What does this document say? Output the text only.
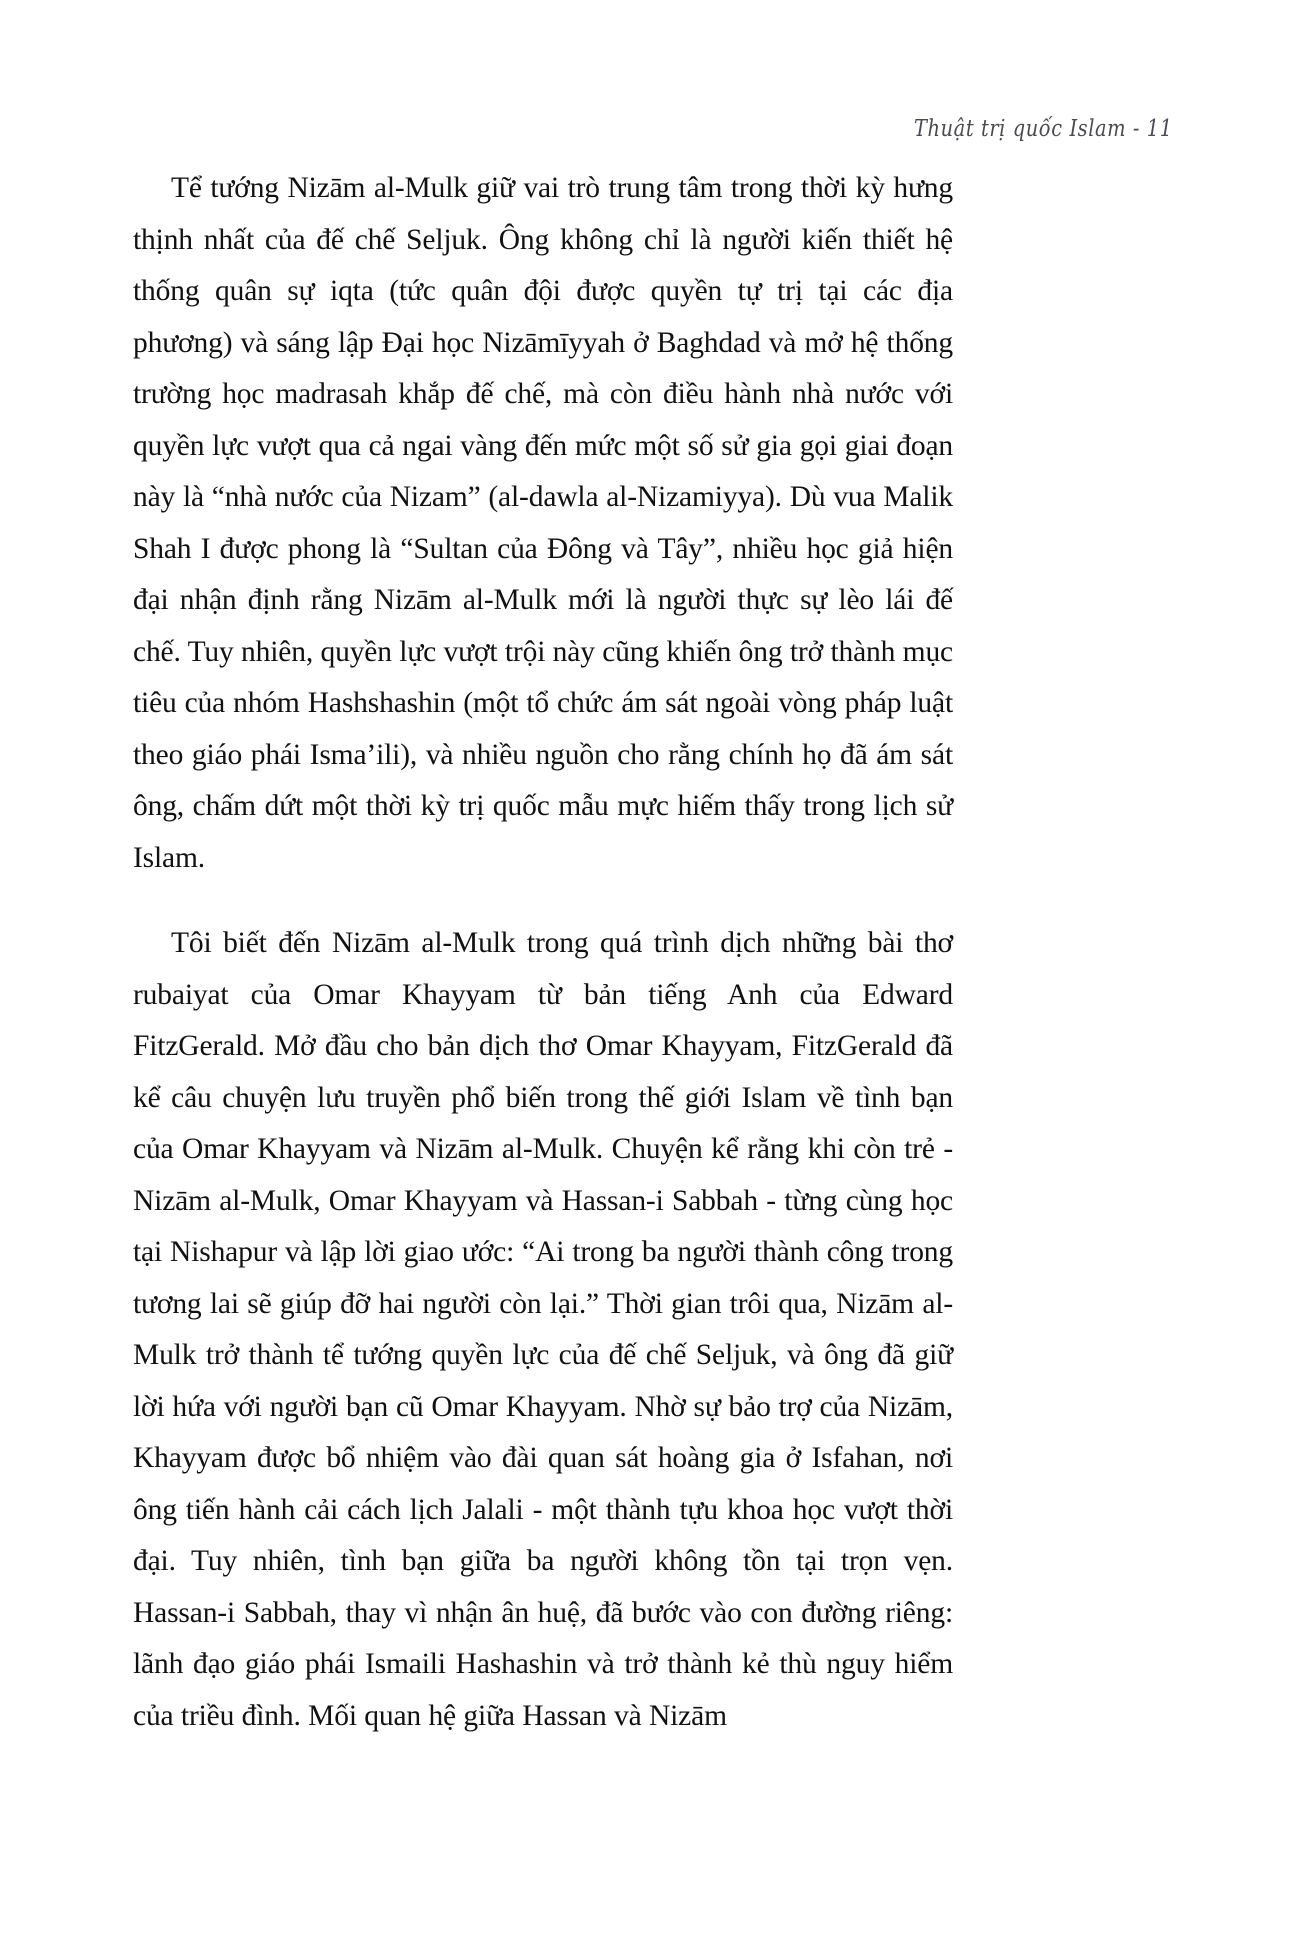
Thuật trị quốc Islam - 11

Tể tướng Nizām al-Mulk giữ vai trò trung tâm trong thời kỳ hưng thịnh nhất của đế chế Seljuk. Ông không chỉ là người kiến thiết hệ thống quân sự iqta (tức quân đội được quyền tự trị tại các địa phương) và sáng lập Đại học Nizāmīyyah ở Baghdad và mở hệ thống trường học madrasah khắp đế chế, mà còn điều hành nhà nước với quyền lực vượt qua cả ngai vàng đến mức một số sử gia gọi giai đoạn này là “nhà nước của Nizam” (al-dawla al-Nizamiyya). Dù vua Malik Shah I được phong là “Sultan của Đông và Tây”, nhiều học giả hiện đại nhận định rằng Nizām al-Mulk mới là người thực sự lèo lái đế chế. Tuy nhiên, quyền lực vượt trội này cũng khiến ông trở thành mục tiêu của nhóm Hashshashin (một tổ chức ám sát ngoài vòng pháp luật theo giáo phái Isma’ili), và nhiều nguồn cho rằng chính họ đã ám sát ông, chấm dứt một thời kỳ trị quốc mẫu mực hiếm thấy trong lịch sử Islam.

Tôi biết đến Nizām al-Mulk trong quá trình dịch những bài thơ rubaiyat của Omar Khayyam từ bản tiếng Anh của Edward FitzGerald. Mở đầu cho bản dịch thơ Omar Khayyam, FitzGerald đã kể câu chuyện lưu truyền phổ biến trong thế giới Islam về tình bạn của Omar Khayyam và Nizām al-Mulk. Chuyện kể rằng khi còn trẻ - Nizām al-Mulk, Omar Khayyam và Hassan-i Sabbah - từng cùng học tại Nishapur và lập lời giao ước: “Ai trong ba người thành công trong tương lai sẽ giúp đỡ hai người còn lại.” Thời gian trôi qua, Nizām al-Mulk trở thành tể tướng quyền lực của đế chế Seljuk, và ông đã giữ lời hứa với người bạn cũ Omar Khayyam. Nhờ sự bảo trợ của Nizām, Khayyam được bổ nhiệm vào đài quan sát hoàng gia ở Isfahan, nơi ông tiến hành cải cách lịch Jalali - một thành tựu khoa học vượt thời đại. Tuy nhiên, tình bạn giữa ba người không tồn tại trọn vẹn. Hassan-i Sabbah, thay vì nhận ân huệ, đã bước vào con đường riêng: lãnh đạo giáo phái Ismaili Hashashin và trở thành kẻ thù nguy hiểm của triều đình. Mối quan hệ giữa Hassan và Nizām
